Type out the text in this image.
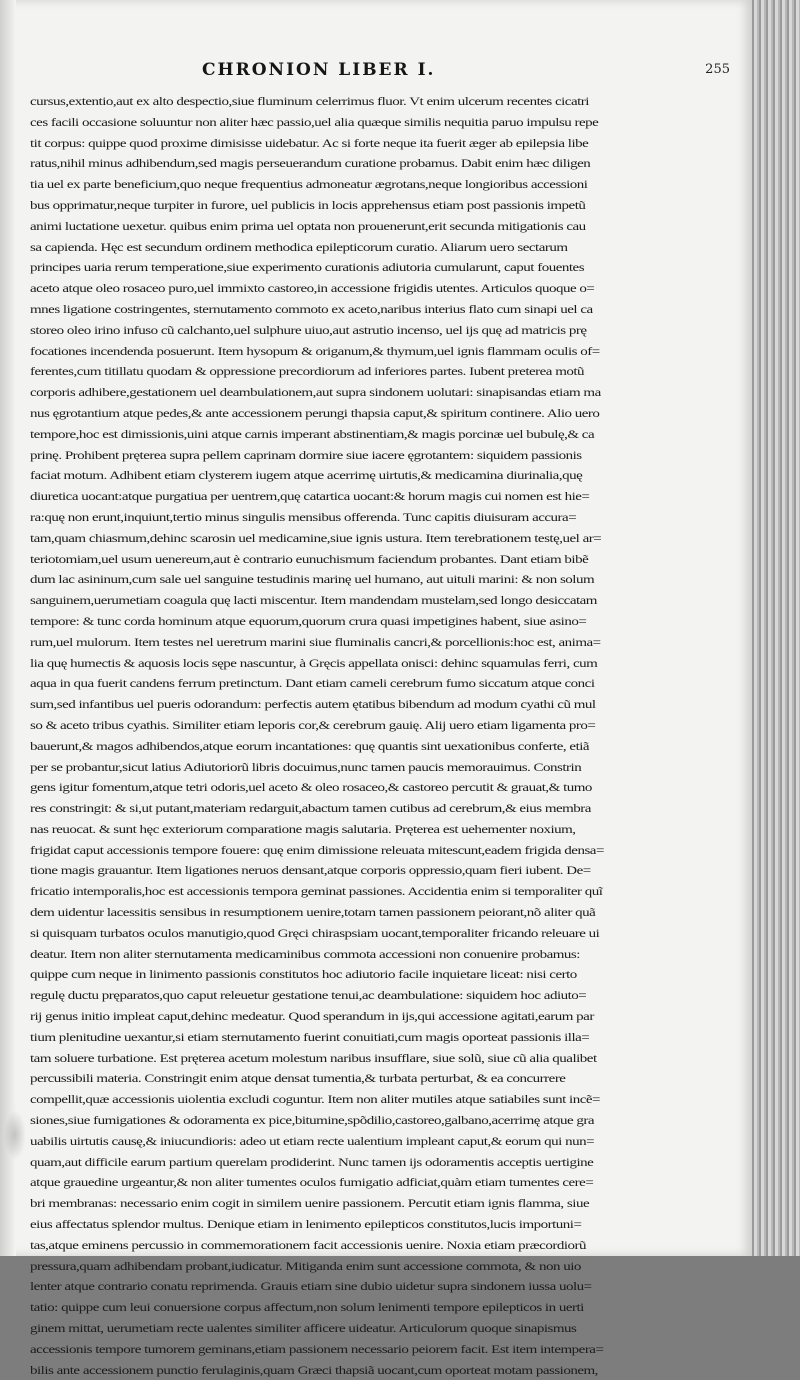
CHRONION LIBER I.	255
cursus,extentio,aut ex alto despectio,siue fluminum celerrimus fluor. Vt enim ulcerum recentes cicatri
ces facili occasione soluuntur non aliter hæc passio,uel alia quæque similis nequitia paruo impulsu repe
tit corpus: quippe quod proxime dimisisse uidebatur. Ac si forte neque ita fuerit æger ab epilepsia libe
ratus,nihil minus adhibendum,sed magis perseuerandum curatione probamus. Dabit enim hæc diligen
tia uel ex parte beneficium,quo neque frequentius admoneatur ægrotans,neque longioribus accessioni
bus opprimatur,neque turpiter in furore, uel publicis in locis apprehensus etiam post passionis impetũ
animi luctatione uexetur. quibus enim prima uel optata non prouenerunt,erit secunda mitigationis cau
sa capienda. Hęc est secundum ordinem methodica epilepticorum curatio. Aliarum uero sectarum
principes uaria rerum temperatione,siue experimento curationis adiutoria cumularunt, caput fouentes
aceto atque oleo rosaceo puro,uel immixto castoreo,in accessione frigidis utentes. Articulos quoque o=
mnes ligatione costringentes, sternutamento commoto ex aceto,naribus interius flato cum sinapi uel ca
storeo oleo irino infuso cũ calchanto,uel sulphure uiuo,aut astrutio incenso, uel ijs quę ad matricis prę
focationes incendenda posuerunt. Item hysopum & origanum,& thymum,uel ignis flammam oculis of=
ferentes,cum titillatu quodam & oppressione precordiorum ad inferiores partes. Iubent preterea motũ
corporis adhibere,gestationem uel deambulationem,aut supra sindonem uolutari: sinapisandas etiam ma
nus ęgrotantium atque pedes,& ante accessionem perungi thapsia caput,& spiritum continere. Alio uero
tempore,hoc est dimissionis,uini atque carnis imperant abstinentiam,& magis porcinæ uel bubulę,& ca
prinę. Prohibent pręterea supra pellem caprinam dormire siue iacere ęgrotantem: siquidem passionis
faciat motum. Adhibent etiam clysterem iugem atque acerrimę uirtutis,& medicamina diurinalia,quę
diuretica uocant:atque purgatiua per uentrem,quę catartica uocant:& horum magis cui nomen est hie=
ra:quę non erunt,inquiunt,tertio minus singulis mensibus offerenda. Tunc capitis diuisuram accura=
tam,quam chiasmum,dehinc scarosin uel medicamine,siue ignis ustura. Item terebrationem testę,uel ar=
teriotomiam,uel usum uenereum,aut è contrario eunuchismum faciendum probantes. Dant etiam bibẽ
dum lac asininum,cum sale uel sanguine testudinis marinę uel humano, aut uituli marini: & non solum
sanguinem,uerumetiam coagula quę lacti miscentur. Item mandendam mustelam,sed longo desiccatam
tempore: & tunc corda hominum atque equorum,quorum crura quasi impetigines habent, siue asino=
rum,uel mulorum. Item testes nel ueretrum marini siue fluminalis cancri,& porcellionis:hoc est, anima=
lia quę humectis & aquosis locis sępe nascuntur, à Gręcis appellata onisci: dehinc squamulas ferri, cum
aqua in qua fuerit candens ferrum pretinctum. Dant etiam cameli cerebrum fumo siccatum atque conci
sum,sed infantibus uel pueris odorandum: perfectis autem ętatibus bibendum ad modum cyathi cũ mul
so & aceto tribus cyathis. Similiter etiam leporis cor,& cerebrum gauię. Alij uero etiam ligamenta pro=
bauerunt,& magos adhibendos,atque eorum incantationes: quę quantis sint uexationibus conferte, etiã
per se probantur,sicut latius Adiutoriorũ libris docuimus,nunc tamen paucis memorauimus. Constrin
gens igitur fomentum,atque tetri odoris,uel aceto & oleo rosaceo,& castoreo percutit & grauat,& tumo
res constringit: & si,ut putant,materiam redarguit,abactum tamen cutibus ad cerebrum,& eius membra
nas reuocat. & sunt hęc exteriorum comparatione magis salutaria. Pręterea est uehementer noxium,
frigidat caput accessionis tempore fouere: quę enim dimissione releuata mitescunt,eadem frigida densa=
tione magis grauantur. Item ligationes neruos densant,atque corporis oppressio,quam fieri iubent. De=
fricatio intemporalis,hoc est accessionis tempora geminat passiones. Accidentia enim si temporaliter quĩ
dem uidentur lacessitis sensibus in resumptionem uenire,totam tamen passionem peiorant,nõ aliter quã
si quisquam turbatos oculos manutigio,quod Gręci chiraspsiam uocant,temporaliter fricando releuare ui
deatur. Item non aliter sternutamenta medicaminibus commota accessioni non conuenire probamus:
quippe cum neque in linimento passionis constitutos hoc adiutorio facile inquietare liceat: nisi certo
regulę ductu pręparatos,quo caput releuetur gestatione tenui,ac deambulatione: siquidem hoc adiuto=
rij genus initio impleat caput,dehinc medeatur. Quod sperandum in ijs,qui accessione agitati,earum par
tium plenitudine uexantur,si etiam sternutamento fuerint conuitiati,cum magis oporteat passionis illa=
tam soluere turbatione. Est pręterea acetum molestum naribus insufflare, siue solũ, siue cũ alia qualibet
percussibili materia. Constringit enim atque densat tumentia,& turbata perturbat, & ea concurrere
compellit,quæ accessionis uiolentia excludi coguntur. Item non aliter mutiles atque satiabiles sunt incẽ=
siones,siue fumigationes & odoramenta ex pice,bitumine,spõdilio,castoreo,galbano,acerrimę atque gra
uabilis uirtutis causę,& iniucundioris: adeo ut etiam recte ualentium impleant caput,& eorum qui nun=
quam,aut difficile earum partium querelam prodiderint. Nunc tamen ijs odoramentis acceptis uertigine
atque grauedine urgeantur,& non aliter tumentes oculos fumigatio adficiat,quàm etiam tumentes cere=
bri membranas: necessario enim cogit in similem uenire passionem. Percutit etiam ignis flamma, siue
eius affectatus splendor multus. Denique etiam in lenimento epilepticos constitutos,lucis importuni=
tas,atque eminens percussio in commemorationem facit accessionis uenire. Noxia etiam præcordiorũ
pressura,quam adhibendam probant,iudicatur. Mitiganda enim sunt accessione commota, & non uio
lenter atque contrario conatu reprimenda. Grauis etiam sine dubio uidetur supra sindonem iussa uolu=
tatio: quippe cum leui conuersione corpus affectum,non solum lenimenti tempore epilepticos in uerti
ginem mittat, uerumetiam recte ualentes similiter afficere uideatur. Articulorum quoque sinapismus
accessionis tempore tumorem geminans,etiam passionem necessario peiorem facit. Est item intempera=
bilis ante accessionem punctio ferulaginis,quam Græci thapsiã uocant,cum oporteat motam passionem,
